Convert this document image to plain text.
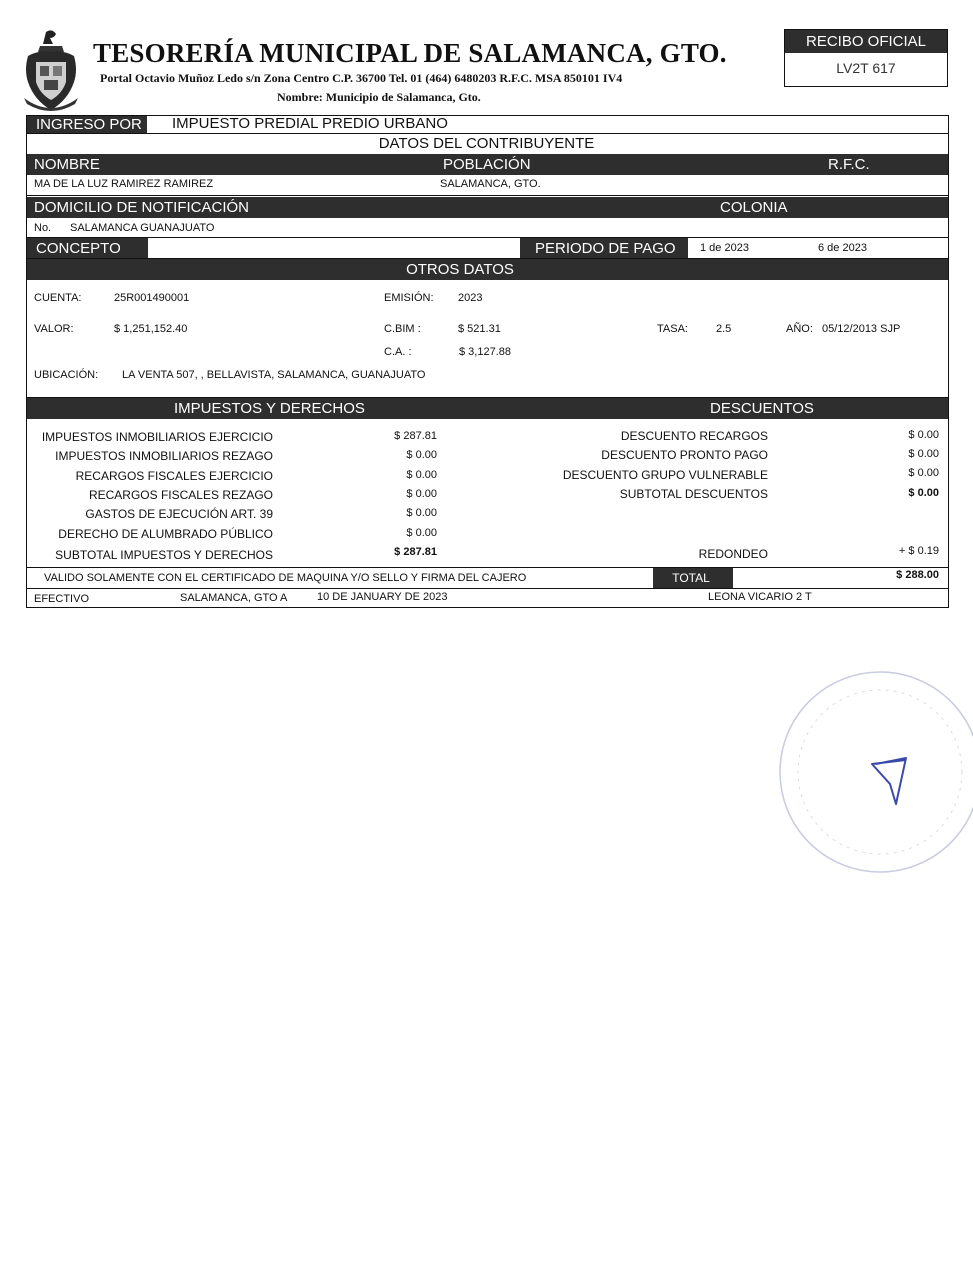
TESORERÍA MUNICIPAL DE SALAMANCA, GTO.
Portal Octavio Muñoz Ledo s/n Zona Centro C.P. 36700 Tel. 01 (464) 6480203 R.F.C. MSA 850101 IV4
Nombre: Municipio de Salamanca, Gto.
RECIBO OFICIAL
LV2T 617
INGRESO POR IMPUESTO PREDIAL PREDIO URBANO
DATOS DEL CONTRIBUYENTE
NOMBRE	POBLACIÓN	R.F.C.
MA DE LA LUZ RAMIREZ RAMIREZ	SALAMANCA, GTO.
DOMICILIO DE NOTIFICACIÓN	COLONIA
No. SALAMANCA GUANAJUATO
CONCEPTO	PERIODO DE PAGO 1 de 2023	6 de 2023
OTROS DATOS
CUENTA:	25R001490001	EMISIÓN: 2023
VALOR:	$ 1,251,152.40	C.BIM :	$ 521.31	TASA:	2.5	AÑO: 05/12/2013 SJP
C.A. :	$ 3,127.88
UBICACIÓN: LA VENTA 507, , BELLAVISTA, SALAMANCA, GUANAJUATO
IMPUESTOS Y DERECHOS	DESCUENTOS
IMPUESTOS INMOBILIARIOS EJERCICIO	$ 287.81
IMPUESTOS INMOBILIARIOS REZAGO	$ 0.00
RECARGOS FISCALES EJERCICIO	$ 0.00
RECARGOS FISCALES REZAGO	$ 0.00
GASTOS DE EJECUCIÓN ART. 39	$ 0.00
DERECHO DE ALUMBRADO PÚBLICO	$ 0.00
SUBTOTAL IMPUESTOS Y DERECHOS	$ 287.81
DESCUENTO RECARGOS	$ 0.00
DESCUENTO PRONTO PAGO	$ 0.00
DESCUENTO GRUPO VULNERABLE	$ 0.00
SUBTOTAL DESCUENTOS	$ 0.00
REDONDEO	+ $ 0.19
VALIDO SOLAMENTE CON EL CERTIFICADO DE MAQUINA Y/O SELLO Y FIRMA DEL CAJERO	TOTAL	$ 288.00
EFECTIVO	SALAMANCA, GTO A	10 DE JANUARY DE 2023	LEONA VICARIO 2 T
